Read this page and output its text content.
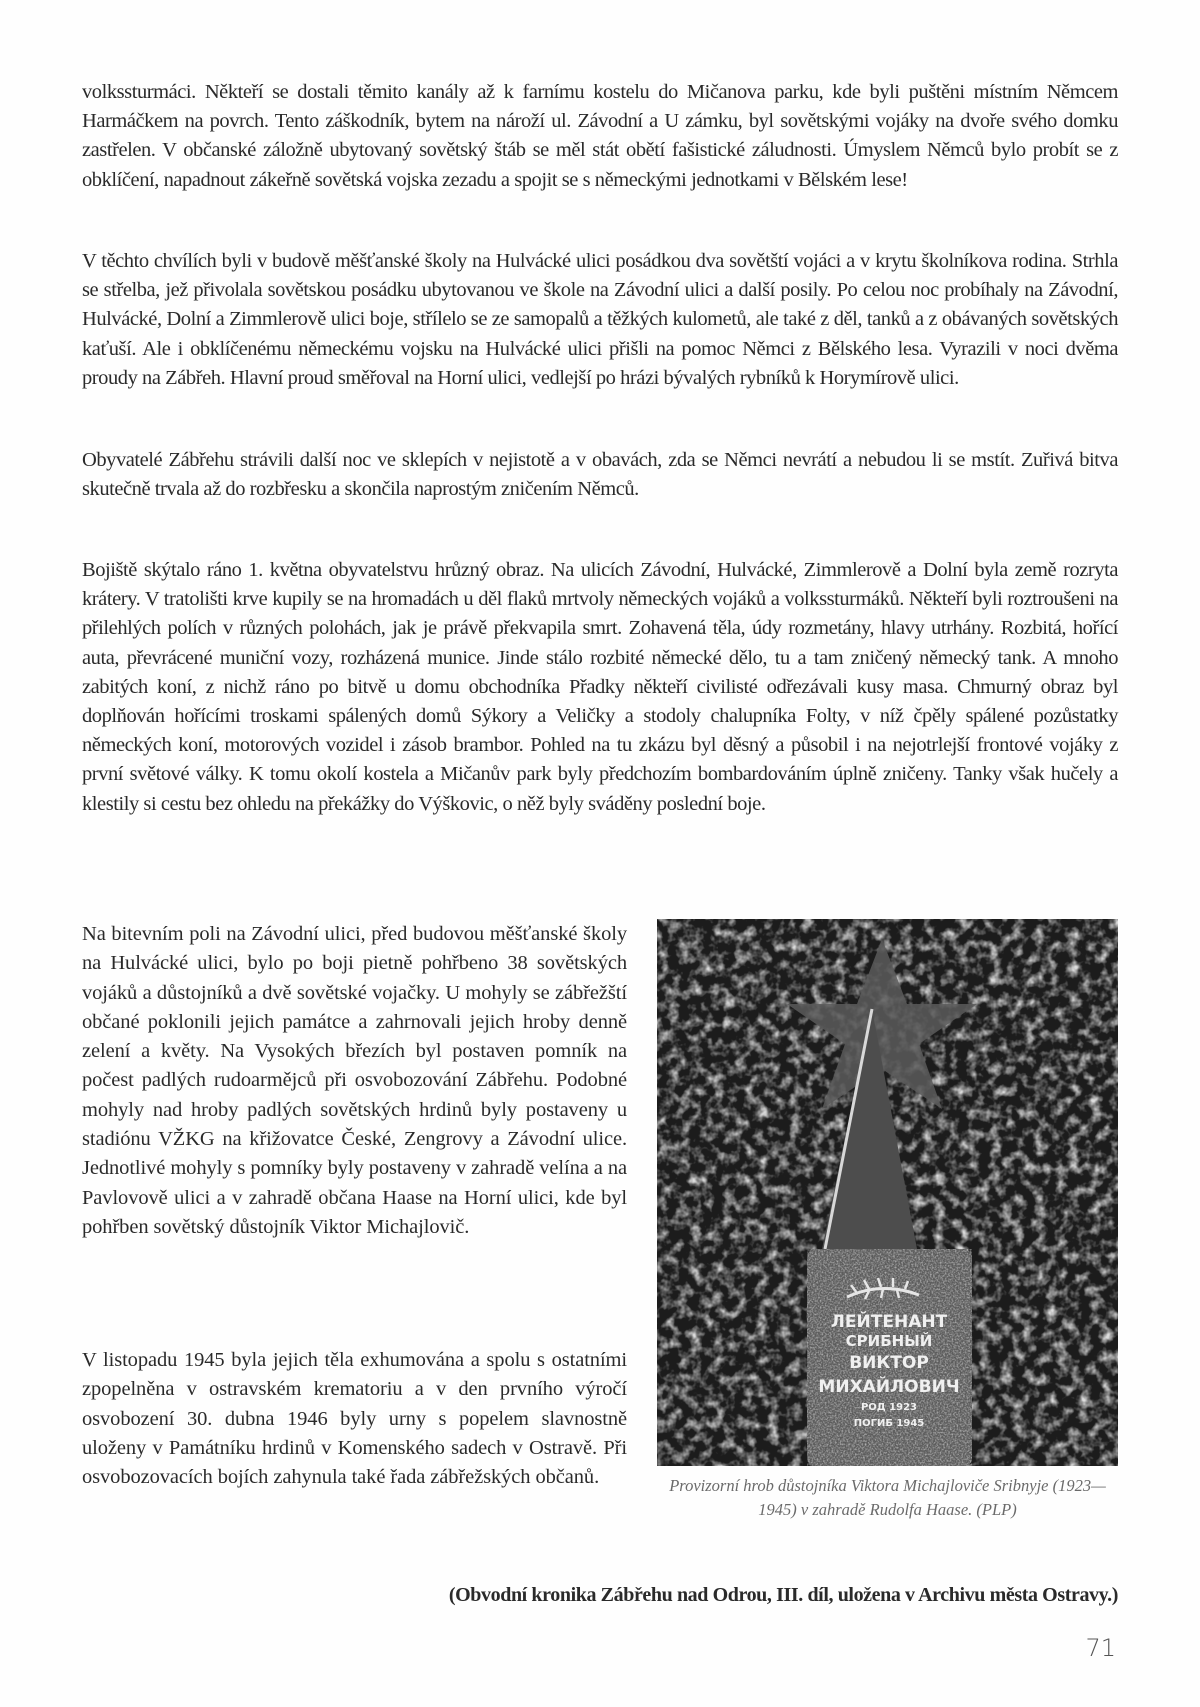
volkssturmáci. Někteří se dostali těmito kanály až k farnímu kostelu do Mičanova parku, kde byli puštěni místním Němcem Harmáčkem na povrch. Tento záškodník, bytem na nároží ul. Závodní a U zámku, byl sovětskými vojáky na dvoře svého domku zastřelen. V občanské záložně ubytovaný sovětský štáb se měl stát obětí fašistické záludnosti. Úmyslem Němců bylo probít se z obklíčení, napadnout zákeřně sovětská vojska zezadu a spojit se s německými jednotkami v Bělském lese!

V těchto chvílích byli v budově měšťanské školy na Hulvácké ulici posádkou dva sovětští vojáci a v krytu školníkova rodina. Strhla se střelba, jež přivolala sovětskou posádku ubytovanou ve škole na Závodní ulici a další posily. Po celou noc probíhaly na Závodní, Hulvácké, Dolní a Zimmlerově ulici boje, střílelo se ze samopalů a těžkých kulometů, ale také z děl, tanků a z obávaných sovětských kaťuší. Ale i obklíčenému německému vojsku na Hulvácké ulici přišli na pomoc Němci z Bělského lesa. Vyrazili v noci dvěma proudy na Zábřeh. Hlavní proud směřoval na Horní ulici, vedlejší po hrázi bývalých rybníků k Horymírově ulici.

Obyvatelé Zábřehu strávili další noc ve sklepích v nejistotě a v obavách, zda se Němci nevrátí a nebudou li se mstít. Zuřivá bitva skutečně trvala až do rozbřesku a skončila naprostým zničením Němců.

Bojiště skýtalo ráno 1. května obyvatelstvu hrůzný obraz. Na ulicích Závodní, Hulvácké, Zimmlerově a Dolní byla země rozryta krátery. V tratolišti krve kupily se na hromadách u děl flaků mrtvoly německých vojáků a volkssturmáků. Někteří byli roztroušeni na přilehlých polích v různých polohách, jak je právě překvapila smrt. Zohavená těla, údy rozmetány, hlavy utrhány. Rozbitá, hořící auta, převrácené muniční vozy, rozházená munice. Jinde stálo rozbité německé dělo, tu a tam zničený německý tank. A mnoho zabitých koní, z nichž ráno po bitvě u domu obchodníka Přadky někteří civilisté odřezávali kusy masa. Chmurný obraz byl doplňován hořícími troskami spálených domů Sýkory a Veličky a stodoly chalupníka Folty, v níž čpěly spálené pozůstatky německých koní, motorových vozidel i zásob brambor. Pohled na tu zkázu byl děsný a působil i na nejotrlejší frontové vojáky z první světové války. K tomu okolí kostela a Mičanův park byly předchozím bombardováním úplně zničeny. Tanky však hučely a klestily si cestu bez ohledu na překážky do Výškovic, o něž byly sváděny poslední boje.

Na bitevním poli na Závodní ulici, před budovou měšťanské školy na Hulvácké ulici, bylo po boji pietně pohřbeno 38 sovětských vojáků a důstojníků a dvě sovětské vojačky. U mohyly se zábřežští občané poklonili jejich památce a zahrnovali jejich hroby denně zelení a květy. Na Vysokých březích byl postaven pomník na počest padlých rudoarmějců při osvobozování Zábřehu. Podobné mohyly nad hroby padlých sovětských hrdinů byly postaveny u stadiónu VŽKG na křižovatce České, Zengrovy a Závodní ulice. Jednotlivé mohyly s pomníky byly postaveny v zahradě velína a na Pavlovově ulici a v zahradě občana Haase na Horní ulici, kde byl pohřben sovětský důstojník Viktor Michajlovič.

V listopadu 1945 byla jejich těla exhumována a spolu s ostatními zpopelněna v ostravském krematoriu a v den prvního výročí osvobození 30. dubna 1946 byly urny s popelem slavnostně uloženy v Památníku hrdinů v Komenského sadech v Ostravě. Při osvobozovacích bojích zahynula také řada zábřežských občanů.

ЛЕЙТЕНАНТ
СРИБНЫЙ
ВИКТОР
МИХАЙЛОВИЧ
РОД 1923
ПОГИБ 1945

Provizorní hrob důstojníka Viktora Michajloviče Sribnyje (1923—1945) v zahradě Rudolfa Haase. (PLP)

(Obvodní kronika Zábřehu nad Odrou, III. díl, uložena v Archivu města Ostravy.)

71
